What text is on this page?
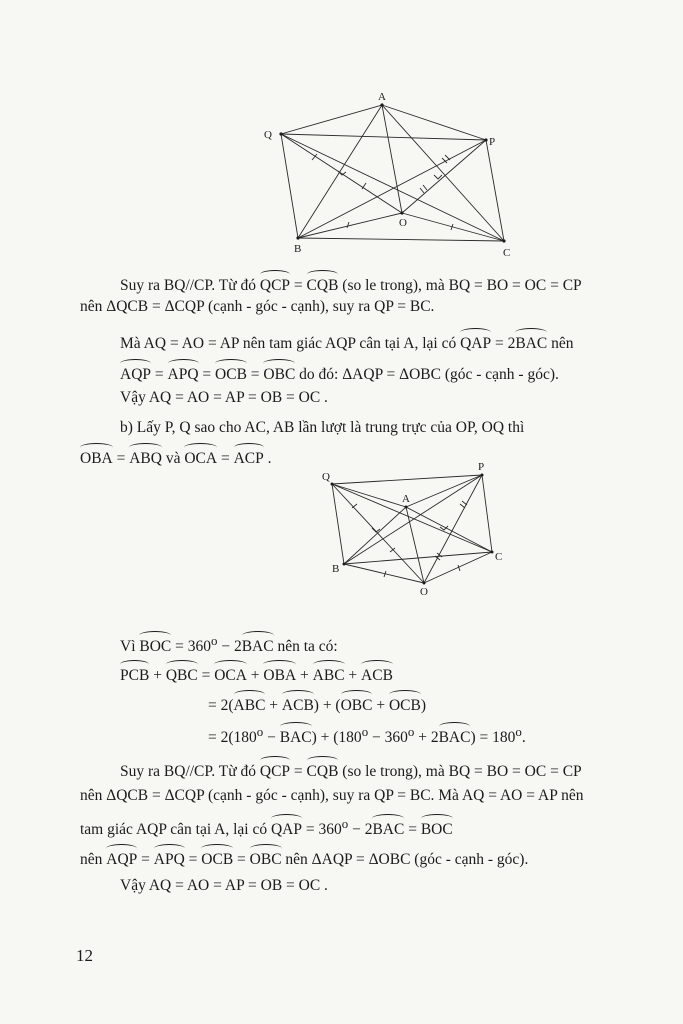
A
Q
P
O
B	C
Suy ra BQ//CP. Từ đó QCP = CQB (so le trong), mà BQ = BO = OC = CP
nên ΔQCB = ΔCQP (cạnh - góc - cạnh), suy ra QP = BC.
Mà AQ = AO = AP nên tam giác AQP cân tại A, lại có QAP = 2BAC nên
AQP = APQ = OCB = OBC do đó: ΔAQP = ΔOBC (góc - cạnh - góc).
Vậy AQ = AO = AP = OB = OC .
b) Lấy P, Q sao cho AC, AB lần lượt là trung trực của OP, OQ thì
OBA = ABQ và OCA = ACP .
A
Q
P
O
B
C
Vì BOC = $360^o - 2BAC$ nên ta có:
PCB + QBC = OCA + OBA + ABC + ACB
= 2(ABC + ACB) + (OBC + OCB)
= $2(180^o - BAC) + (180^o - 360^o + 2BAC) = 180^o$.
Suy ra BQ//CP. Từ đó QCP = CQB (so le trong), mà BQ = BO = OC = CP
nên ΔQCB = ΔCQP (cạnh - góc - cạnh), suy ra QP = BC. Mà AQ = AO = AP nên
tam giác AQP cân tại A, lại có QAP = $360^o - 2BAC$ = BOC
nên AQP = APQ = OCB = OBC nên ΔAQP = ΔOBC (góc - cạnh - góc).
Vậy AQ = AO = AP = OB = OC .
12
